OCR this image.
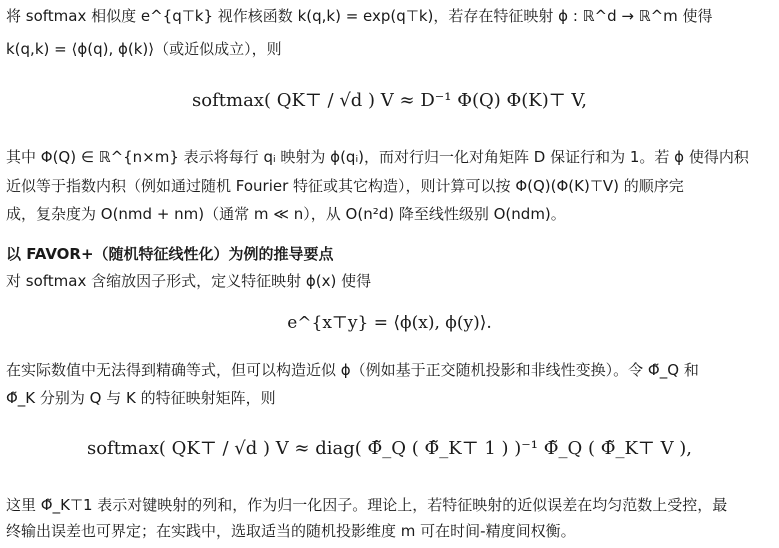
将 softmax 相似度 e^{q⊤k} 视作核函数 k(q,k) = exp(q⊤k)，若存在特征映射 ϕ : ℝ^d → ℝ^m 使得
k(q,k) = ⟨ϕ(q), ϕ(k)⟩（或近似成立），则
softmax( QK⊤ / √d ) V ≈ D⁻¹ Φ(Q) Φ(K)⊤ V,
其中 Φ(Q) ∈ ℝ^{n×m} 表示将每行 qᵢ 映射为 ϕ(qᵢ)，而对行归一化对角矩阵 D 保证行和为 1。若 ϕ 使得内积
近似等于指数内积（例如通过随机 Fourier 特征或其它构造），则计算可以按 Φ(Q)(Φ(K)⊤V) 的顺序完
成，复杂度为 O(nmd + nm)（通常 m ≪ n），从 O(n²d) 降至线性级别 O(ndm)。
以 FAVOR+（随机特征线性化）为例的推导要点
对 softmax 含缩放因子形式，定义特征映射 ϕ(x) 使得
e^{x⊤y} = ⟨ϕ(x), ϕ(y)⟩.
在实际数值中无法得到精确等式，但可以构造近似 ϕ（例如基于正交随机投影和非线性变换）。令 Φ̃_Q 和
Φ̃_K 分别为 Q 与 K 的特征映射矩阵，则
softmax( QK⊤ / √d ) V ≈ diag( Φ̃_Q ( Φ̃_K⊤ 1 ) )⁻¹ Φ̃_Q ( Φ̃_K⊤ V ),
这里 Φ̃_K⊤1 表示对键映射的列和，作为归一化因子。理论上，若特征映射的近似误差在均匀范数上受控，最
终输出误差也可界定；在实践中，选取适当的随机投影维度 m 可在时间-精度间权衡。
